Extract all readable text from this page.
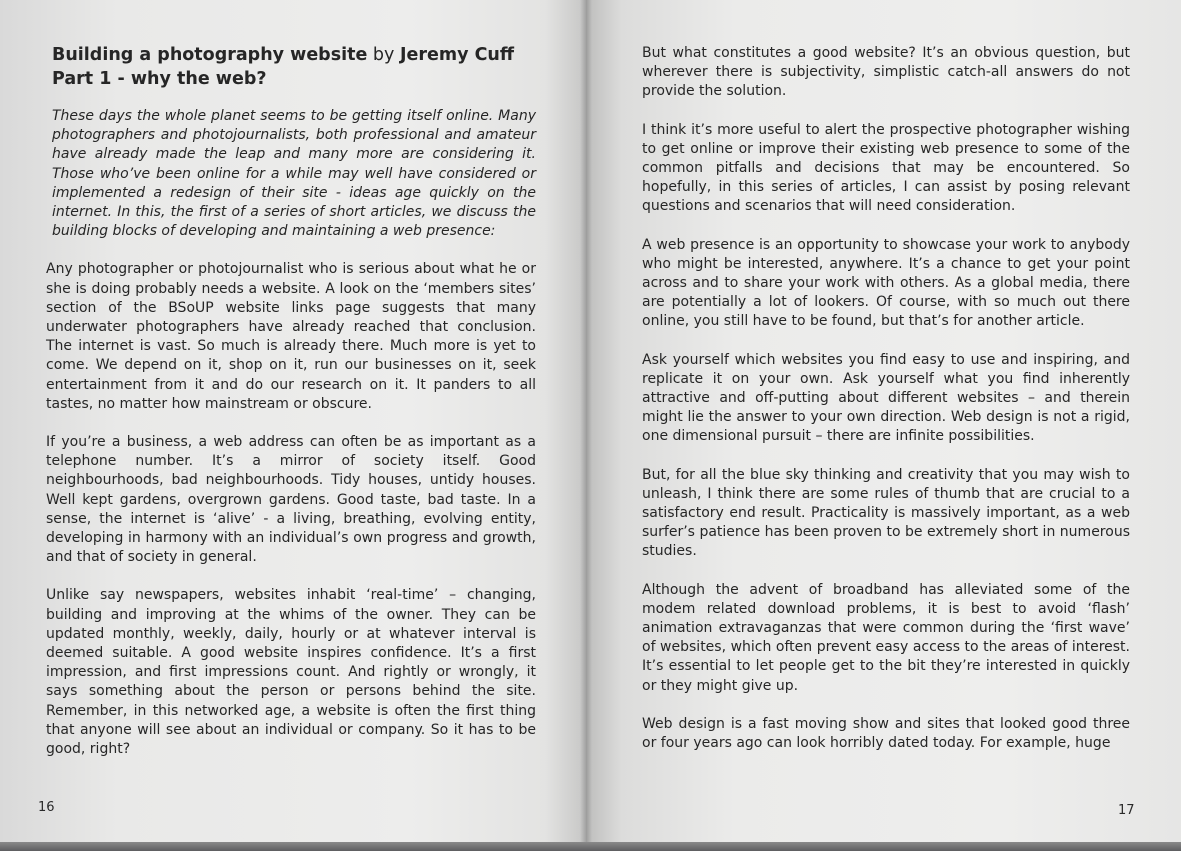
Building a photography website by Jeremy Cuff
Part 1 - why the web?

These days the whole planet seems to be getting itself online. Many photographers and photojournalists, both professional and amateur have already made the leap and many more are considering it. Those who’ve been online for a while may well have considered or implemented a redesign of their site - ideas age quickly on the internet. In this, the first of a series of short articles, we discuss the building blocks of developing and maintaining a web presence:

Any photographer or photojournalist who is serious about what he or she is doing probably needs a website. A look on the ‘members sites’ section of the BSoUP website links page suggests that many underwater photographers have already reached that conclusion. The internet is vast. So much is already there. Much more is yet to come. We depend on it, shop on it, run our businesses on it, seek entertainment from it and do our research on it. It panders to all tastes, no matter how mainstream or obscure.

If you’re a business, a web address can often be as important as a telephone number. It’s a mirror of society itself. Good neighbourhoods, bad neighbourhoods. Tidy houses, untidy houses. Well kept gardens, overgrown gardens. Good taste, bad taste. In a sense, the internet is ‘alive’ - a living, breathing, evolving entity, developing in harmony with an individual’s own progress and growth, and that of society in general.

Unlike say newspapers, websites inhabit ‘real-time’ – changing, building and improving at the whims of the owner. They can be updated monthly, weekly, daily, hourly or at whatever interval is deemed suitable. A good website inspires confidence. It’s a first impression, and first impressions count. And rightly or wrongly, it says something about the person or persons behind the site. Remember, in this networked age, a website is often the first thing that anyone will see about an individual or company. So it has to be good, right?

16

But what constitutes a good website? It’s an obvious question, but wherever there is subjectivity, simplistic catch-all answers do not provide the solution.

I think it’s more useful to alert the prospective photographer wishing to get online or improve their existing web presence to some of the common pitfalls and decisions that may be encountered. So hopefully, in this series of articles, I can assist by posing relevant questions and scenarios that will need consideration.

A web presence is an opportunity to showcase your work to anybody who might be interested, anywhere. It’s a chance to get your point across and to share your work with others. As a global media, there are potentially a lot of lookers. Of course, with so much out there online, you still have to be found, but that’s for another article.

Ask yourself which websites you find easy to use and inspiring, and replicate it on your own. Ask yourself what you find inherently attractive and off-putting about different websites – and therein might lie the answer to your own direction. Web design is not a rigid, one dimensional pursuit – there are infinite possibilities.

But, for all the blue sky thinking and creativity that you may wish to unleash, I think there are some rules of thumb that are crucial to a satisfactory end result. Practicality is massively important, as a web surfer’s patience has been proven to be extremely short in numerous studies.

Although the advent of broadband has alleviated some of the modem related download problems, it is best to avoid ‘flash’ animation extravaganzas that were common during the ‘first wave’ of websites, which often prevent easy access to the areas of interest. It’s essential to let people get to the bit they’re interested in quickly or they might give up.

Web design is a fast moving show and sites that looked good three or four years ago can look horribly dated today. For example, huge

17
